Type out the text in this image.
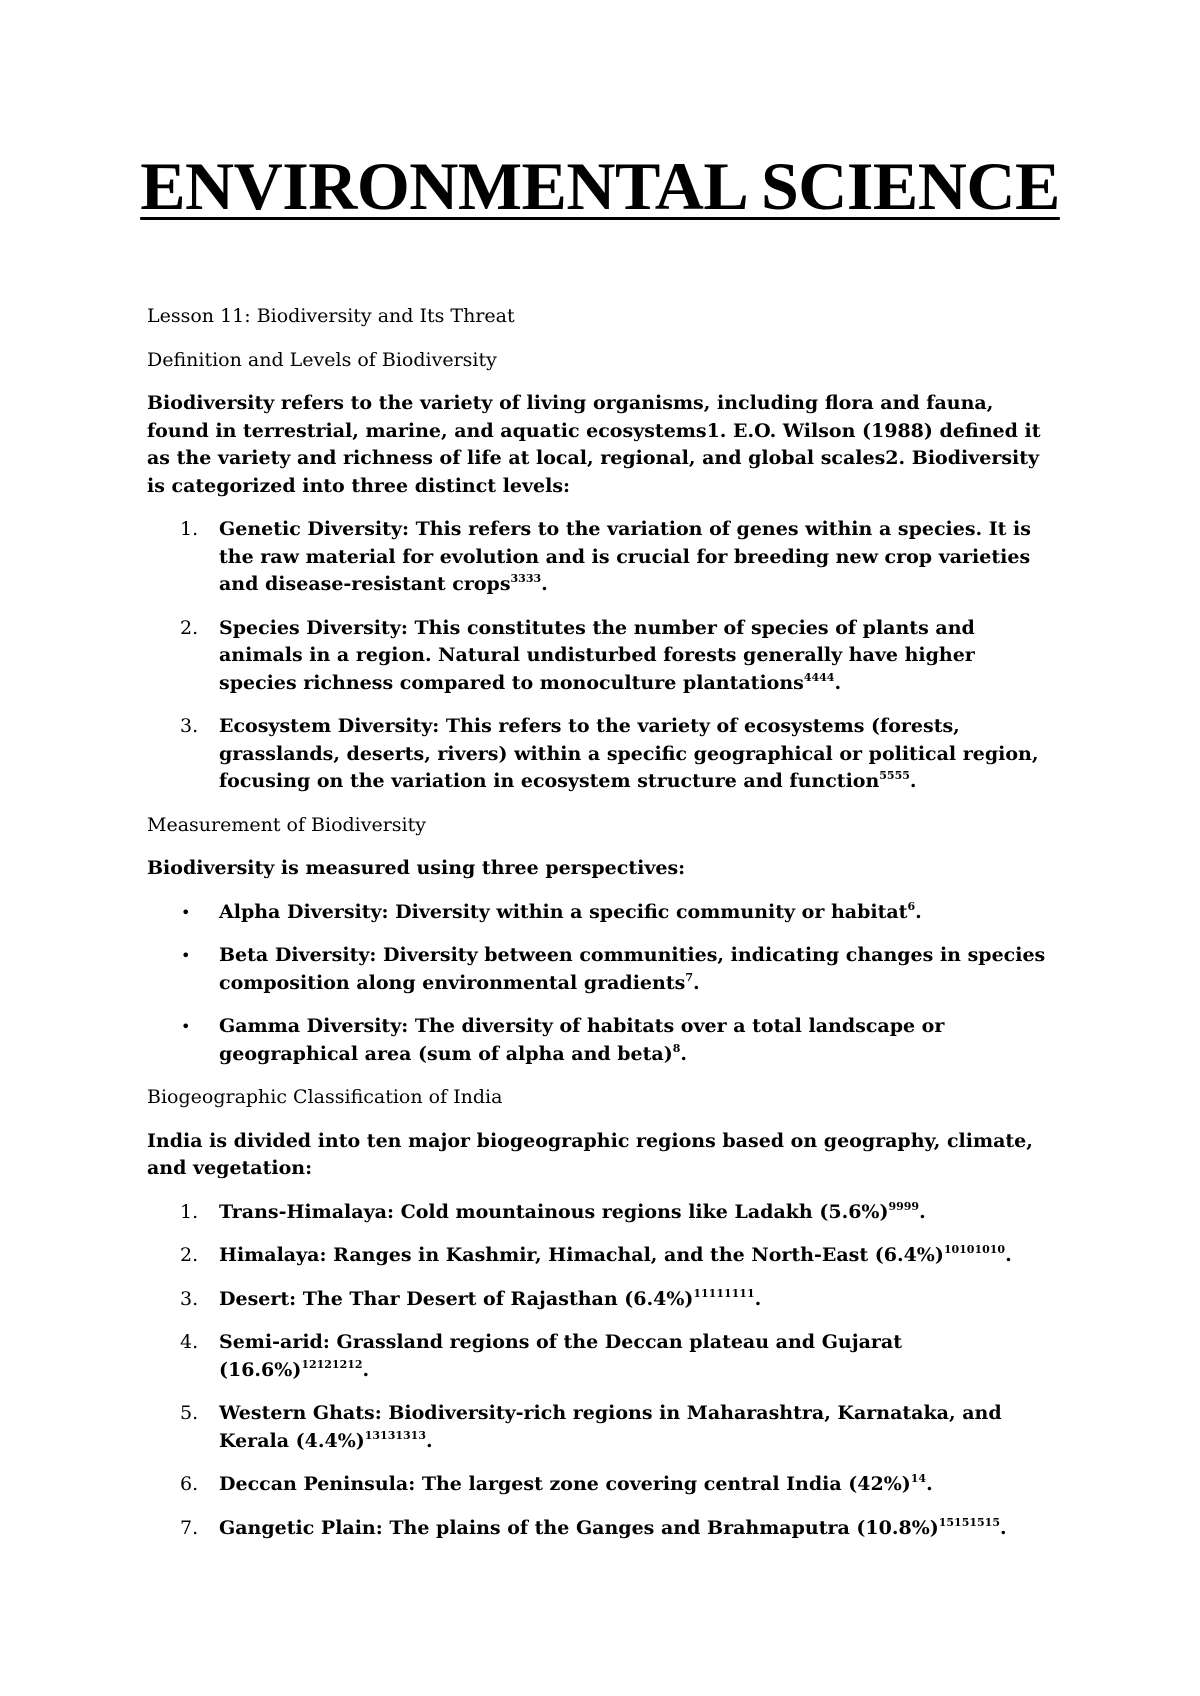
ENVIRONMENTAL SCIENCE

Lesson 11: Biodiversity and Its Threat

Definition and Levels of Biodiversity

Biodiversity refers to the variety of living organisms, including flora and fauna, found in terrestrial, marine, and aquatic ecosystems1. E.O. Wilson (1988) defined it as the variety and richness of life at local, regional, and global scales2. Biodiversity is categorized into three distinct levels:

1.	Genetic Diversity: This refers to the variation of genes within a species. It is the raw material for evolution and is crucial for breeding new crop varieties and disease-resistant crops$^{3333}$.
2.	Species Diversity: This constitutes the number of species of plants and animals in a region. Natural undisturbed forests generally have higher species richness compared to monoculture plantations$^{4444}$.
3.	Ecosystem Diversity: This refers to the variety of ecosystems (forests, grasslands, deserts, rivers) within a specific geographical or political region, focusing on the variation in ecosystem structure and function$^{5555}$.

Measurement of Biodiversity

Biodiversity is measured using three perspectives:

•	Alpha Diversity: Diversity within a specific community or habitat$^6$.
•	Beta Diversity: Diversity between communities, indicating changes in species composition along environmental gradients$^7$.
•	Gamma Diversity: The diversity of habitats over a total landscape or geographical area (sum of alpha and beta)$^8$.

Biogeographic Classification of India

India is divided into ten major biogeographic regions based on geography, climate, and vegetation:

1.	Trans-Himalaya: Cold mountainous regions like Ladakh $(5.6\%)^{9999}$.
2.	Himalaya: Ranges in Kashmir, Himachal, and the North-East $(6.4\%)^{10101010}$.
3.	Desert: The Thar Desert of Rajasthan $(6.4\%)^{11111111}$.
4.	Semi-arid: Grassland regions of the Deccan plateau and Gujarat $(16.6\%)^{12121212}$.
5.	Western Ghats: Biodiversity-rich regions in Maharashtra, Karnataka, and Kerala $(4.4\%)^{13131313}$.
6.	Deccan Peninsula: The largest zone covering central India $(42\%)^{14}$.
7.	Gangetic Plain: The plains of the Ganges and Brahmaputra $(10.8\%)^{15151515}$.
